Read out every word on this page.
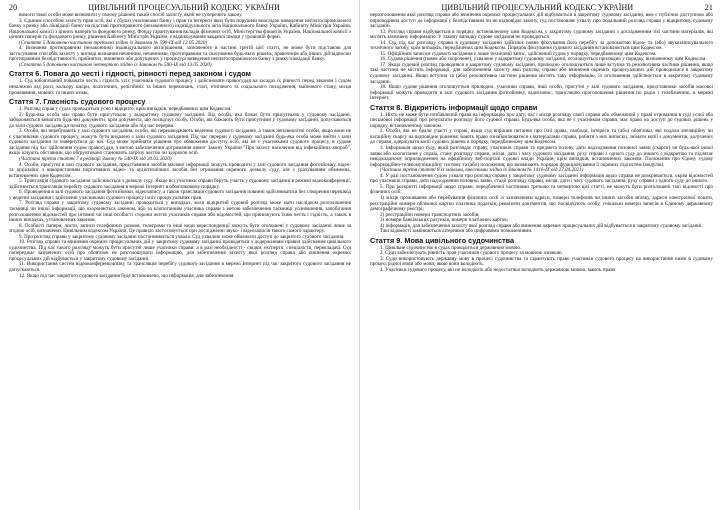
20	ЦИВІЛЬНИЙ ПРОЦЕСУАЛЬНИЙ КОДЕКС УКРАЇНИ
вимоги такої особи може визначити у своєму рішенні такий спосіб захисту, який не суперечить закону.
3. Єдиним способом захисту прав осіб, які є (були) учасниками банку і прав та інтереси яких були порушені внаслідок виведення неплатоспроможного банку з ринку або ліквідації банку на підставі протиправного (незаконного) індивідуального акта Національного банку України, Кабінету Міністрів України, Національної комісії з цінних паперів та фондового ринку, Фонду гарантування вкладів фізичних осіб, Міністерства фінансів України, Національної комісії з цінних паперів та фондового ринку, рішення Кабінету Міністрів України, є відшкодування завданої шкоди у грошовій формі.
(Статтю 5 доповнено частиною третьою згідно із Законом № 590-IX від 13.05.2020)
4. Визнання протиправним (незаконним) індивідуального акта/рішення, зазначеного в частині третій цієї статті, не може бути підставою для застосування способів захисту у вигляді визнання нечинним, нечинними, протиправним та скасування будь-яких рішень, правочинів або інших дій/відносин протиправним безпідставності, прийнятих, вчинених або допущених у процедурі виведення неплатоспроможного банку з ринку/ліквідації банку.
(Статтю 5 доповнено частиною четвертою згідно із Законом № 590-IX від 13.05.2020)
Стаття 6. Повага до честі і гідності, рівності перед законом і судом
1. Суд зобов'язаний поважати честь і гідність усіх учасників судового процесу і здійснювати правосуддя на засадах їх рівності перед законом і судом незалежно від раси, кольору шкіри, політичних, релігійних та інших переконань, статі, етнічного та соціального походження, майнового стану, місця проживання, мовних та інших ознак.
Стаття 7. Гласність судового процесу
1. Розгляд справ у судах проводиться усно і відкрито, крім випадків, передбачених цим Кодексом.
2. Будь-яка особа має право бути присутньою у відкритому судовому засіданні. Від особи, яка бажає бути присутньою у судовому засіданні, забороняється вимагати будь-які документи, крім документа, що посвідчує особу. Особи, які бажають бути присутніми у судовому засіданні, допускаються до зали судових засідань до початку судового засідання або під час перерви.
3. Особи, які перебувають у залі судового засідання, особи, які перешкоджають веденню судового засідання, а також неповнолітні особи, якщо вони не є учасниками судового процесу, можуть бути видалені з зали судового засідання. Під час перерви у судовому засіданні будь-яка особа може вийти з зали судового засідання та повернутися до неї. Суд може прийняти рішення про обмеження доступу осіб, які не є учасниками судового процесу, в судове засідання під час здійснення судом правосуддя, з метою забезпечення дотримання вимог Закону України "Про захист населення від інфекційних хвороб", якщо існують обставини, що обґрунтовано становлять загрозу життю чи здоров'ю осіб.
(Частина третя статті 7 в редакції Закону № 540-IX від 30.03.2020)
4. Особи, присутні в залі судового засідання, представники засобів масової інформації можуть проводити у залі судового засідання фотозйомку, відео- та аудіозапис з використанням портативних відео- та аудіотехнічних засобів без отримання окремого дозволу суду, але з урахуванням обмежень, встановлених цим Кодексом.
5. Трансляція судового засідання здійснюється з дозволу суду. Якщо всі учасники справи беруть участь у судовому засіданні в режимі відеоконференції, здійснюється трансляція перебігу судового засідання в мережі Інтернет в обов'язковому порядку.
6. Проведення в залі судового засідання фотозйомки, відеозапису, а також трансляція судового засідання повинні здійснюватися без створення перешкод у веденні засідання і здійсненні учасниками судового процесу їхніх процесуальних прав.
7. Розгляд справи у закритому судовому засіданні проводиться у випадках, коли відкритий судовий розгляд може мати наслідком розголошення таємниці чи іншої інформації, що охороняється законом, або за клопотанням учасника справи з метою забезпечення таємниці усиновлення, запобігання розголошенню відомостей про інтимні чи інші особисті сторони життя учасників справи або відомостей, що принижують їхню честь і гідність, а також в інших випадках, установлених законом.
8. Особисті папери, листи, записи телефонних розмов, телеграми та інші види кореспонденції можуть бути оголошені у судовому засіданні лише за згодою осіб, визначених Цивільним кодексом України. Це правило застосовується при дослідженні звуко- і відеозаписів такого самого характеру.
9. Про розгляд справи у закритому судовому засіданні постановляється ухвала. Суд ухвалою може обмежити доступ до закритого судового засідання.
10. Розгляд справи та вчинення окремих процесуальних дій у закритому судовому засіданні проводяться з додержанням правил здійснення цивільного судочинства. Під час такого розгляду можуть бути присутні лише учасники справи, а в разі необхідності - свідки, експерти, спеціалісти, перекладачі. Суд попереджає зазначених осіб про обов'язок не розголошувати інформацію, для забезпечення захисту якої розгляд справи або вчинення окремих процесуальних дій відбувається у закритому судовому засіданні.
11. Використання систем відеоконференцзв'язку та трансляція перебігу судового засідання в мережі Інтернет під час закритого судового засідання не допускаються.
12. Якщо під час закритого судового засідання буде встановлено, що інформація, для забезпечення
ЦИВІЛЬНИЙ ПРОЦЕСУАЛЬНИЙ КОДЕКС УКРАЇНИ	21
нерозголошення якої розгляд справи або вчинення окремих процесуальних дій відбувається в закритому судовому засіданні, вже є публічно доступною або оприлюднена доступ до інформації є безпідставним чи не відповідає закону, суд постановляє ухвалу про подальший розгляд справи у відкритому судовому засіданні.
13. Розгляд справи відбувається в порядку, встановленому цим Кодексом, у закритому судовому засіданні з дослідженням тієї частини матеріалів, які містять зазначену інформацію. У такому випадку судове засідання не проводиться.
14. Суд під час розгляду справи в судовому засіданні здійснює повне фіксування його перебігу за допомогою відео- та (або) звукозаписувального технічного засобу, крім випадків, передбачених цим Кодексом. Порядок фіксування судового засідання встановлюється цим Кодексом.
15. Офіційним записом судового засідання є лише технічний запис, здійснений судом у порядку, передбаченому цим Кодексом.
16. Судове рішення (повне або скорочене), ухвалене у відкритому судовому засіданні, оголошується прилюдно у порядку, визначеному цим Кодексом.
17. Якщо судовий розгляд проводився в закритому судовому засіданні, прилюдно оголошуються лише вступна та резолютивна частини рішення, якщо такі частини не містять інформації, для забезпечення захисту якої розгляд справи або вчинення окремих процесуальних дій проводилися в закритому судовому засіданні. Якщо вступна та (або) резолютивна частини рішення містять таку інформацію, їх оголошення здійснюється в закритому судовому засіданні.
18. Якщо судове рішення оголошується прилюдно, учасники справи, інші особи, присутні у залі судового засідання, представники засобів масової інформації можуть проводити в залі судового засідання фотозйомку, відеозапис, трансляцію проголошення рішення по радіо і телебаченню, в мережі Інтернет.
Стаття 8. Відкритість інформації щодо справи
1. Ніхто не може бути позбавлений права на інформацію про дату, час і місце розгляду своєї справи або обмежений у праві отримання в суді усної або письмової інформації про результати розгляду його судової справи. Будь-яка особа, яка не є учасником справи, має право на доступ до судових рішень у порядку, встановленому законом.
2. Особи, які не брали участі у справі, якщо суд вирішив питання про їхні права, свободи, інтереси та (або) обов'язки, які подали апеляційну чи касаційну скаргу на відповідне рішення, мають право ознайомлюватися з матеріалами справи, робити з них виписки, знімати копії з документів, долучених до справи, одержувати копії судових рішень в порядку, передбаченому цим Кодексом.
3. Інформація щодо суду, який розглядає справу, учасників справи та предмета позову, дати надходження позовної заяви (скарги) чи будь-якої іншої заяви або клопотання у справі, стану розгляду справи, місця, дати і часу судового засідання, руху справи з одного суду до іншого є відкритою та підлягає невідкладному оприлюдненню на офіційному веб-порталі судової влади України, крім випадків, встановлених законом. Положення про Єдину судову інформаційно-телекомунікаційну систему та (або) положення, що визначають порядок функціонування її окремих підсистем (модулів).
(Частина третя статті 8 із змінами, внесеними згідно із Законом № 1416-IX від 27.04.2021)
4. У разі постановлення судом ухвали про розгляд справи у закритому судовому засіданні інформація щодо справи не розкривається, окрім відомостей про учасників справи, дати надходження позовної заяви, стадії розгляду справи, місця, дати і часу судового засідання, руху справи з одного суду до іншого.
5. При розкритті інформації щодо справи, передбаченої частинами третьою та четвертою цієї статті, не можуть бути розголошені такі відомості про фізичних осіб:
1) місце проживання або перебування фізичних осіб із зазначенням адреси, номери телефонів чи інших засобів зв'язку, адреси електронної пошти, реєстраційні номери облікової картки платника податків, реквізити документів, що посвідчують особу, унікальні номери записів в Єдиному державному демографічному реєстрі;
2) реєстраційні номери транспортних засобів;
3) номери банківських рахунків, номери платіжних карток;
4) інформація, для забезпечення захисту якої розгляд справи або вчинення окремих процесуальних дій відбувається в закритому судовому засіданні.
Такі відомості замінюються літерними або цифровими позначеннями.
Стаття 9. Мова цивільного судочинства
1. Цивільне судочинство в судах провадиться державною мовою.
2. Суди забезпечують рівність прав учасників судового процесу за мовною ознакою.
3. Суди використовують державну мову в процесі судочинства та гарантують право учасників судового процесу на використання ними в судовому процесі рідної мови або мови, якою вони володіють.
4. Учасники судового процесу, які не володіють або недостатньо володіють державною мовою, мають право
